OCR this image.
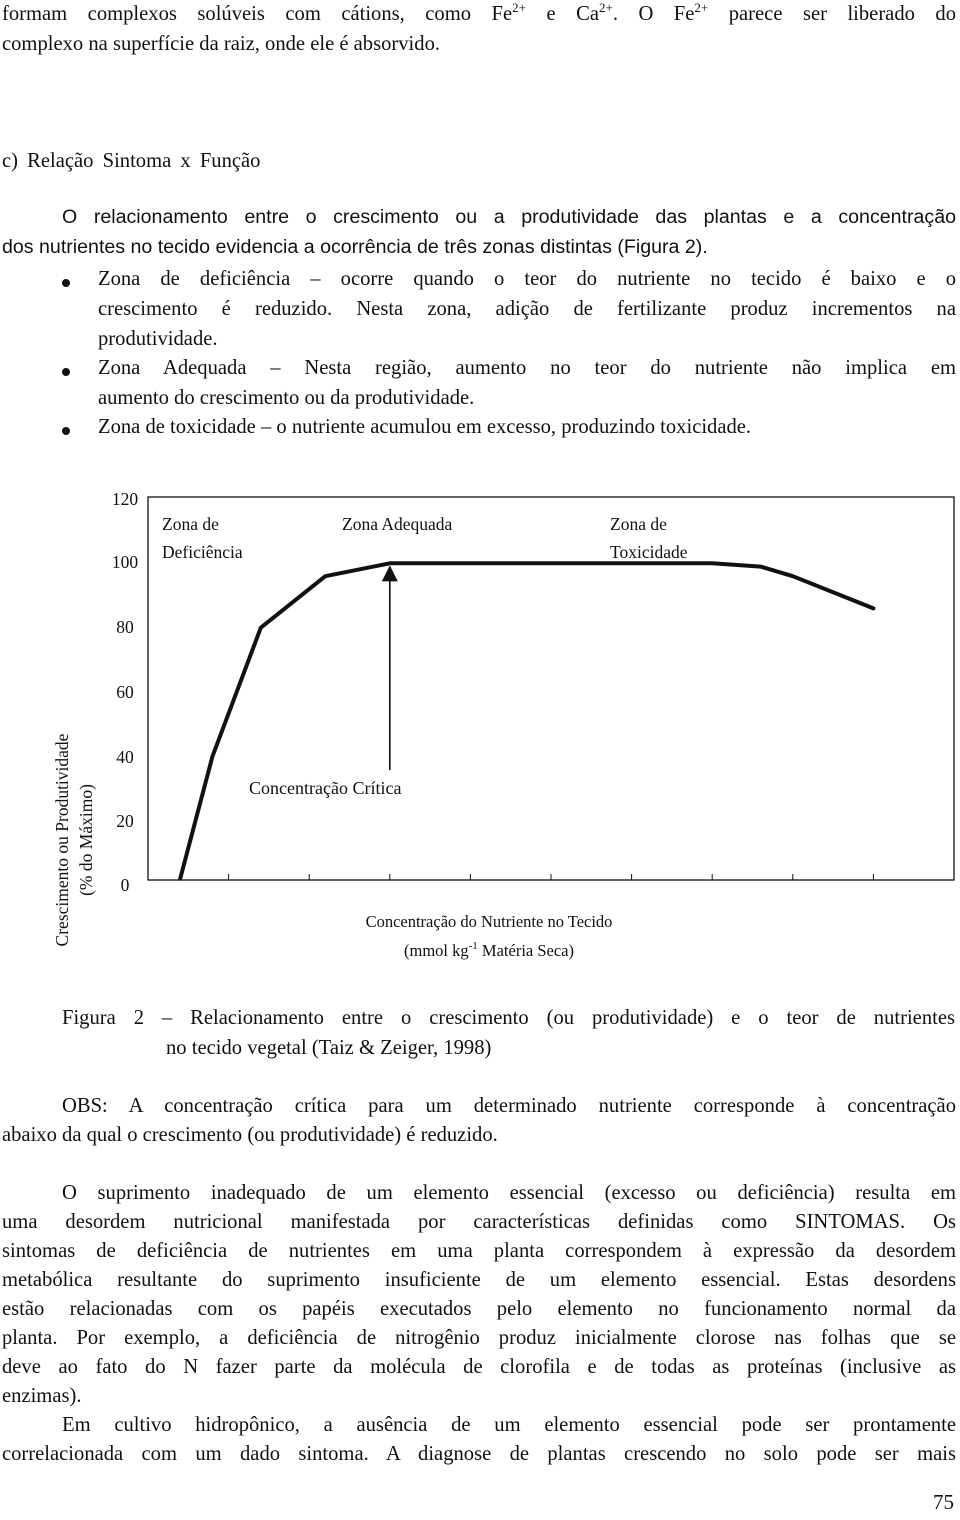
formam complexos solúveis com cátions, como $Fe^{2+}$ e $Ca^{2+}$. O $Fe^{2+}$ parece ser liberado do
complexo na superfície da raiz, onde ele é absorvido.
c) Relação Sintoma x Função
O relacionamento entre o crescimento ou a produtividade das plantas e a concentração
dos nutrientes no tecido evidencia a ocorrência de três zonas distintas (Figura 2).
Zona de deficiência – ocorre quando o teor do nutriente no tecido é baixo e o
crescimento é reduzido. Nesta zona, adição de fertilizante produz incrementos na
produtividade.
Zona Adequada – Nesta região, aumento no teor do nutriente não implica em
aumento do crescimento ou da produtividade.
Zona de toxicidade – o nutriente acumulou em excesso, produzindo toxicidade.
Crescimento ou Produtividade (% do Máximo)
120
100
80
60
40
20
0
Zona de
Deficiência
Zona Adequada	Zona de
Toxicidade
Concentração Crítica
Concentração do Nutriente no Tecido
(mmol $kg^{-1}$ Matéria Seca)
Figura 2 – Relacionamento entre o crescimento (ou produtividade) e o teor de nutrientes
no tecido vegetal (Taiz & Zeiger, 1998)
OBS: A concentração crítica para um determinado nutriente corresponde à concentração
abaixo da qual o crescimento (ou produtividade) é reduzido.
O suprimento inadequado de um elemento essencial (excesso ou deficiência) resulta em
uma desordem nutricional manifestada por características definidas como SINTOMAS. Os
sintomas de deficiência de nutrientes em uma planta correspondem à expressão da desordem
metabólica resultante do suprimento insuficiente de um elemento essencial. Estas desordens
estão relacionadas com os papéis executados pelo elemento no funcionamento normal da
planta. Por exemplo, a deficiência de nitrogênio produz inicialmente clorose nas folhas que se
deve ao fato do N fazer parte da molécula de clorofila e de todas as proteínas (inclusive as
enzimas).
Em cultivo hidropônico, a ausência de um elemento essencial pode ser prontamente
correlacionada com um dado sintoma. A diagnose de plantas crescendo no solo pode ser mais
75
